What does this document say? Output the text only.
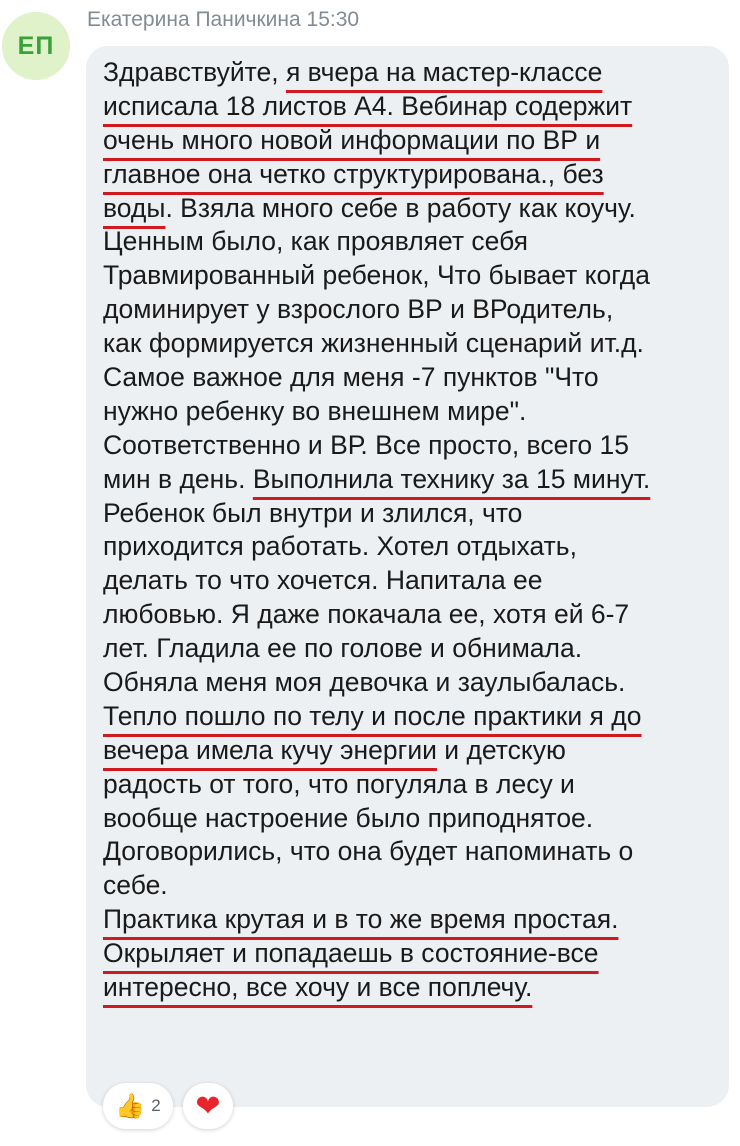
ЕП
Екатерина Паничкина 15:30
Здравствуйте, я вчера на мастер-классе
исписала 18 листов А4. Вебинар содержит
очень много новой информации по ВР и
главное она четко структурирована., без
воды. Взяла много себе в работу как коучу.
Ценным было, как проявляет себя
Травмированный ребенок, Что бывает когда
доминирует у взрослого ВР и ВРодитель,
как формируется жизненный сценарий ит.д.
Самое важное для меня -7 пунктов "Что
нужно ребенку во внешнем мире".
Соответственно и ВР. Все просто, всего 15
мин в день. Выполнила технику за 15 минут.
Ребенок был внутри и злился, что
приходится работать. Хотел отдыхать,
делать то что хочется. Напитала ее
любовью. Я даже покачала ее, хотя ей 6-7
лет. Гладила ее по голове и обнимала.
Обняла меня моя девочка и заулыбалась.
Тепло пошло по телу и после практики я до
вечера имела кучу энергии и детскую
радость от того, что погуляла в лесу и
вообще настроение было приподнятое.
Договорились, что она будет напоминать о
себе.
Практика крутая и в то же время простая.
Окрыляет и попадаешь в состояние-все
интересно, все хочу и все поплечу.
👍 2 ❤
